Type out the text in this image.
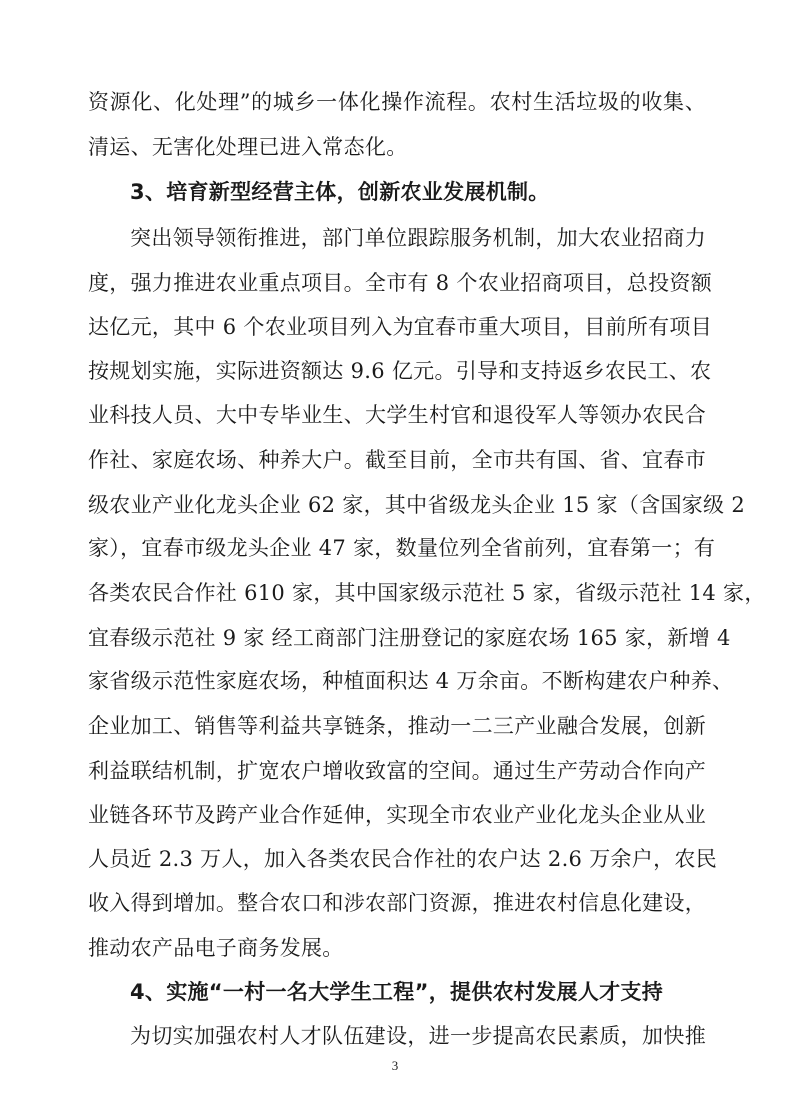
资源化、化处理”的城乡一体化操作流程。农村生活垃圾的收集、
清运、无害化处理已进入常态化。
3、培育新型经营主体，创新农业发展机制。
突出领导领衔推进，部门单位跟踪服务机制，加大农业招商力
度，强力推进农业重点项目。全市有 8 个农业招商项目，总投资额
达亿元，其中 6 个农业项目列入为宜春市重大项目，目前所有项目
按规划实施，实际进资额达 9.6 亿元。引导和支持返乡农民工、农
业科技人员、大中专毕业生、大学生村官和退役军人等领办农民合
作社、家庭农场、种养大户。截至目前，全市共有国、省、宜春市
级农业产业化龙头企业 62 家，其中省级龙头企业 15 家（含国家级 2
家），宜春市级龙头企业 47 家，数量位列全省前列，宜春第一；有
各类农民合作社 610 家，其中国家级示范社 5 家，省级示范社 14 家，
宜春级示范社 9 家 经工商部门注册登记的家庭农场 165 家，新增 4
家省级示范性家庭农场，种植面积达 4 万余亩。不断构建农户种养、
企业加工、销售等利益共享链条，推动一二三产业融合发展，创新
利益联结机制，扩宽农户增收致富的空间。通过生产劳动合作向产
业链各环节及跨产业合作延伸，实现全市农业产业化龙头企业从业
人员近 2.3 万人，加入各类农民合作社的农户达 2.6 万余户，农民
收入得到增加。整合农口和涉农部门资源，推进农村信息化建设，
推动农产品电子商务发展。
4、实施“一村一名大学生工程”，提供农村发展人才支持
为切实加强农村人才队伍建设，进一步提高农民素质，加快推
3
